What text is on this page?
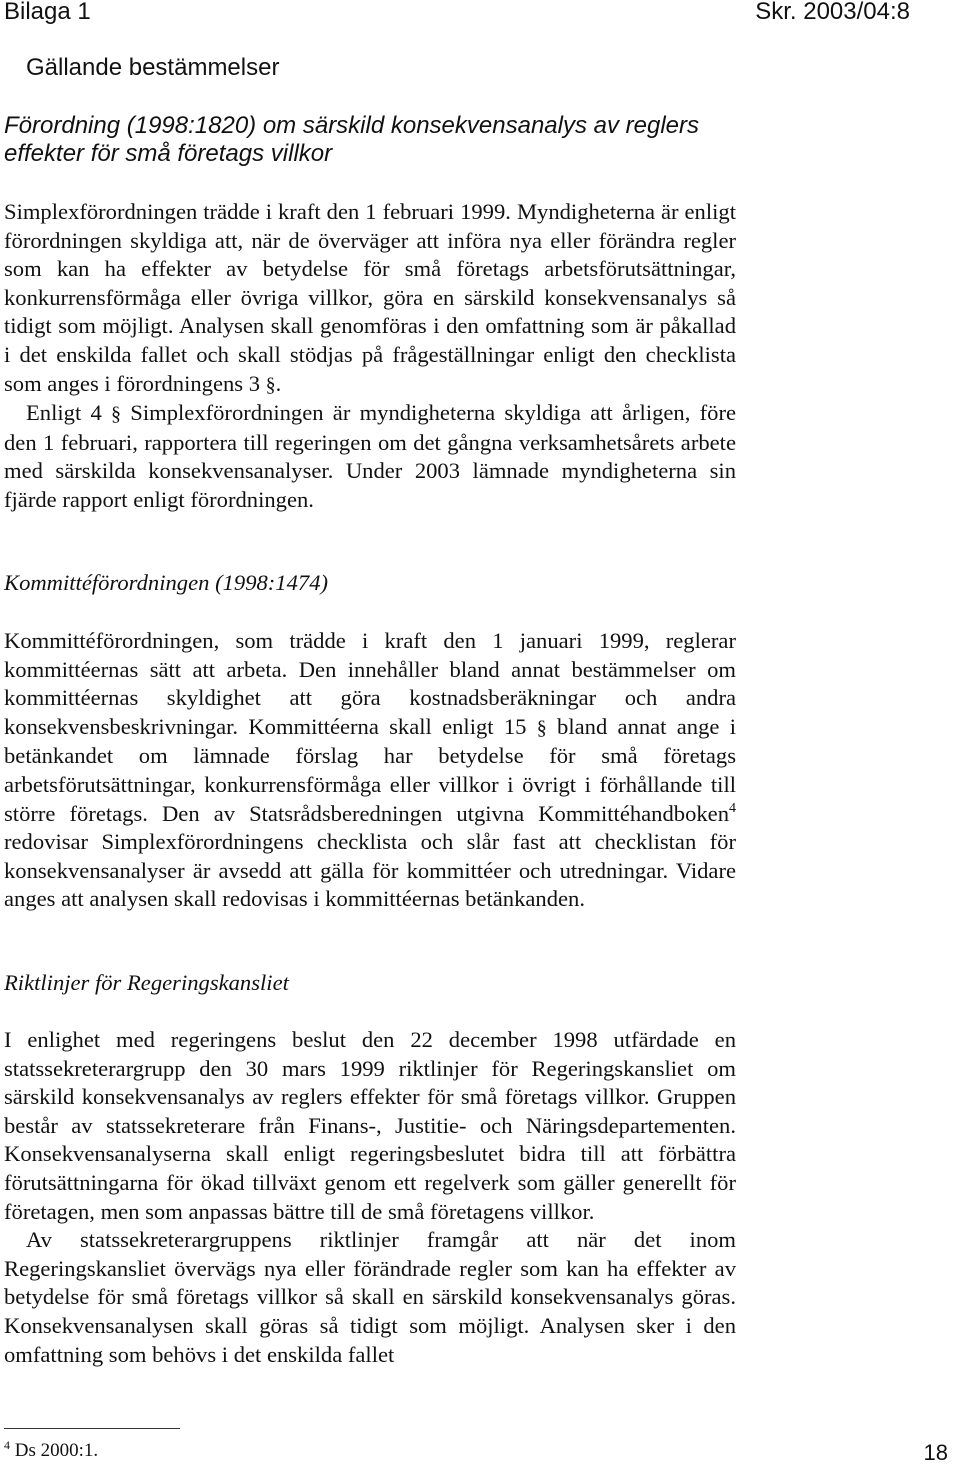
Bilaga 1	Skr. 2003/04:8
Gällande bestämmelser
Förordning (1998:1820) om särskild konsekvensanalys av reglers
effekter för små företags villkor

Simplexförordningen trädde i kraft den 1 februari 1999. Myndigheterna är enligt förordningen skyldiga att, när de överväger att införa nya eller förändra regler som kan ha effekter av betydelse för små företags arbetsförutsättningar, konkurrensförmåga eller övriga villkor, göra en särskild konsekvensanalys så tidigt som möjligt. Analysen skall genomföras i den omfattning som är påkallad i det enskilda fallet och skall stödjas på frågeställningar enligt den checklista som anges i förordningens 3 §.

Enligt 4 § Simplexförordningen är myndigheterna skyldiga att årligen, före den 1 februari, rapportera till regeringen om det gångna verksamhetsårets arbete med särskilda konsekvensanalyser. Under 2003 lämnade myndigheterna sin fjärde rapport enligt förordningen.

Kommittéförordningen (1998:1474)

Kommittéförordningen, som trädde i kraft den 1 januari 1999, reglerar kommittéernas sätt att arbeta. Den innehåller bland annat bestämmelser om kommittéernas skyldighet att göra kostnadsberäkningar och andra konsekvensbeskrivningar. Kommittéerna skall enligt 15 § bland annat ange i betänkandet om lämnade förslag har betydelse för små företags arbetsförutsättningar, konkurrensförmåga eller villkor i övrigt i förhållande till större företags. Den av Statsrådsberedningen utgivna Kommittéhandboken$^4$ redovisar Simplexförordningens checklista och slår fast att checklistan för konsekvensanalyser är avsedd att gälla för kommittéer och utredningar. Vidare anges att analysen skall redovisas i kommittéernas betänkanden.

Riktlinjer för Regeringskansliet

I enlighet med regeringens beslut den 22 december 1998 utfärdade en statssekreterargrupp den 30 mars 1999 riktlinjer för Regeringskansliet om särskild konsekvensanalys av reglers effekter för små företags villkor. Gruppen består av statssekreterare från Finans-, Justitie- och Näringsdepartementen. Konsekvensanalyserna skall enligt regeringsbeslutet bidra till att förbättra förutsättningarna för ökad tillväxt genom ett regelverk som gäller generellt för företagen, men som anpassas bättre till de små företagens villkor.

Av statssekreterargruppens riktlinjer framgår att när det inom Regeringskansliet övervägs nya eller förändrade regler som kan ha effekter av betydelse för små företags villkor så skall en särskild konsekvensanalys göras. Konsekvensanalysen skall göras så tidigt som möjligt. Analysen sker i den omfattning som behövs i det enskilda fallet

$^4$ Ds 2000:1.	18
